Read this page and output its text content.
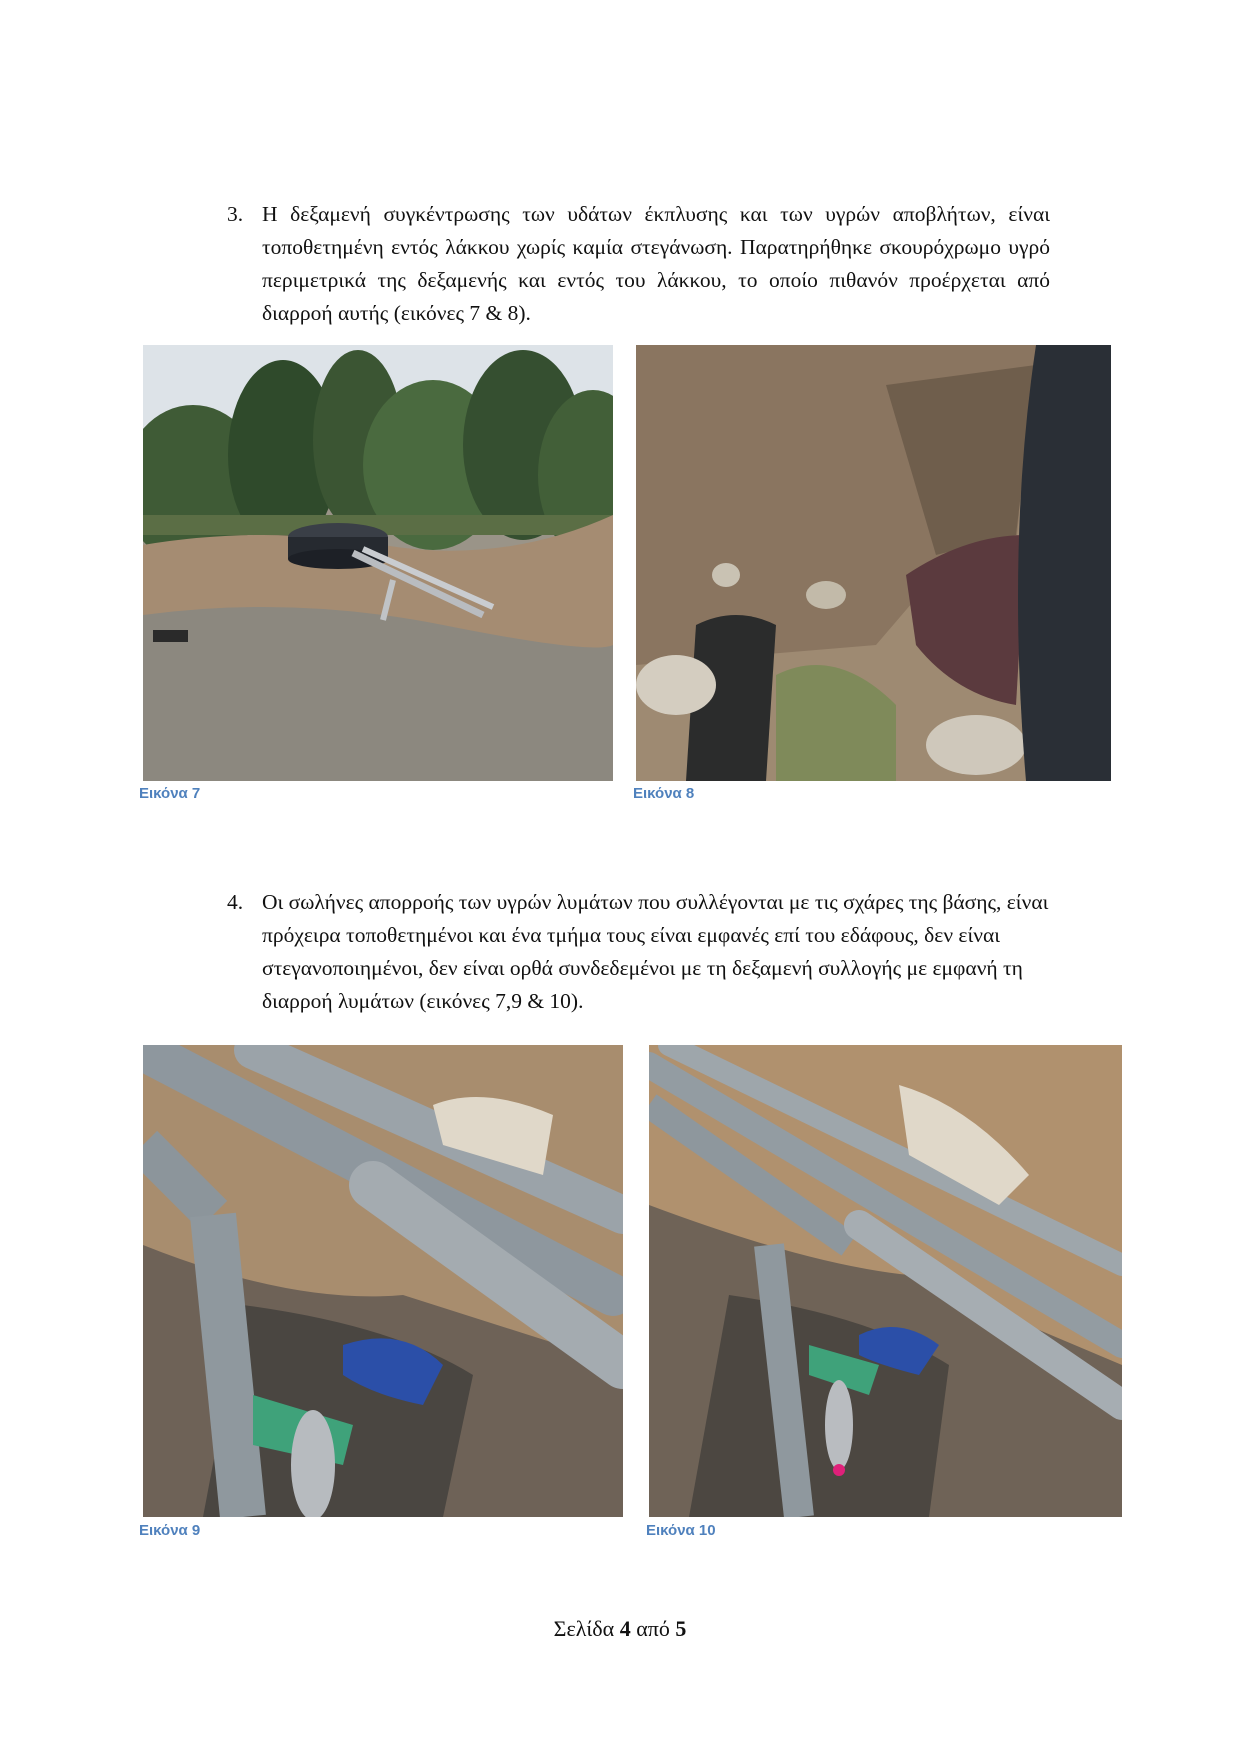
3. Η δεξαμενή συγκέντρωσης των υδάτων έκπλυσης και των υγρών αποβλήτων, είναι τοποθετημένη εντός λάκκου χωρίς καμία στεγάνωση. Παρατηρήθηκε σκουρόχρωμο υγρό περιμετρικά της δεξαμενής και εντός του λάκκου, το οποίο πιθανόν προέρχεται από διαρροή αυτής (εικόνες 7 & 8).
Εικόνα 7	Εικόνα 8
4. Οι σωλήνες απορροής των υγρών λυμάτων που συλλέγονται με τις σχάρες της βάσης, είναι πρόχειρα τοποθετημένοι και ένα τμήμα τους είναι εμφανές επί του εδάφους, δεν είναι στεγανοποιημένοι, δεν είναι ορθά συνδεδεμένοι με τη δεξαμενή συλλογής με εμφανή τη διαρροή λυμάτων (εικόνες 7,9 & 10).
Εικόνα 9	Εικόνα 10
Σελίδα 4 από 5
